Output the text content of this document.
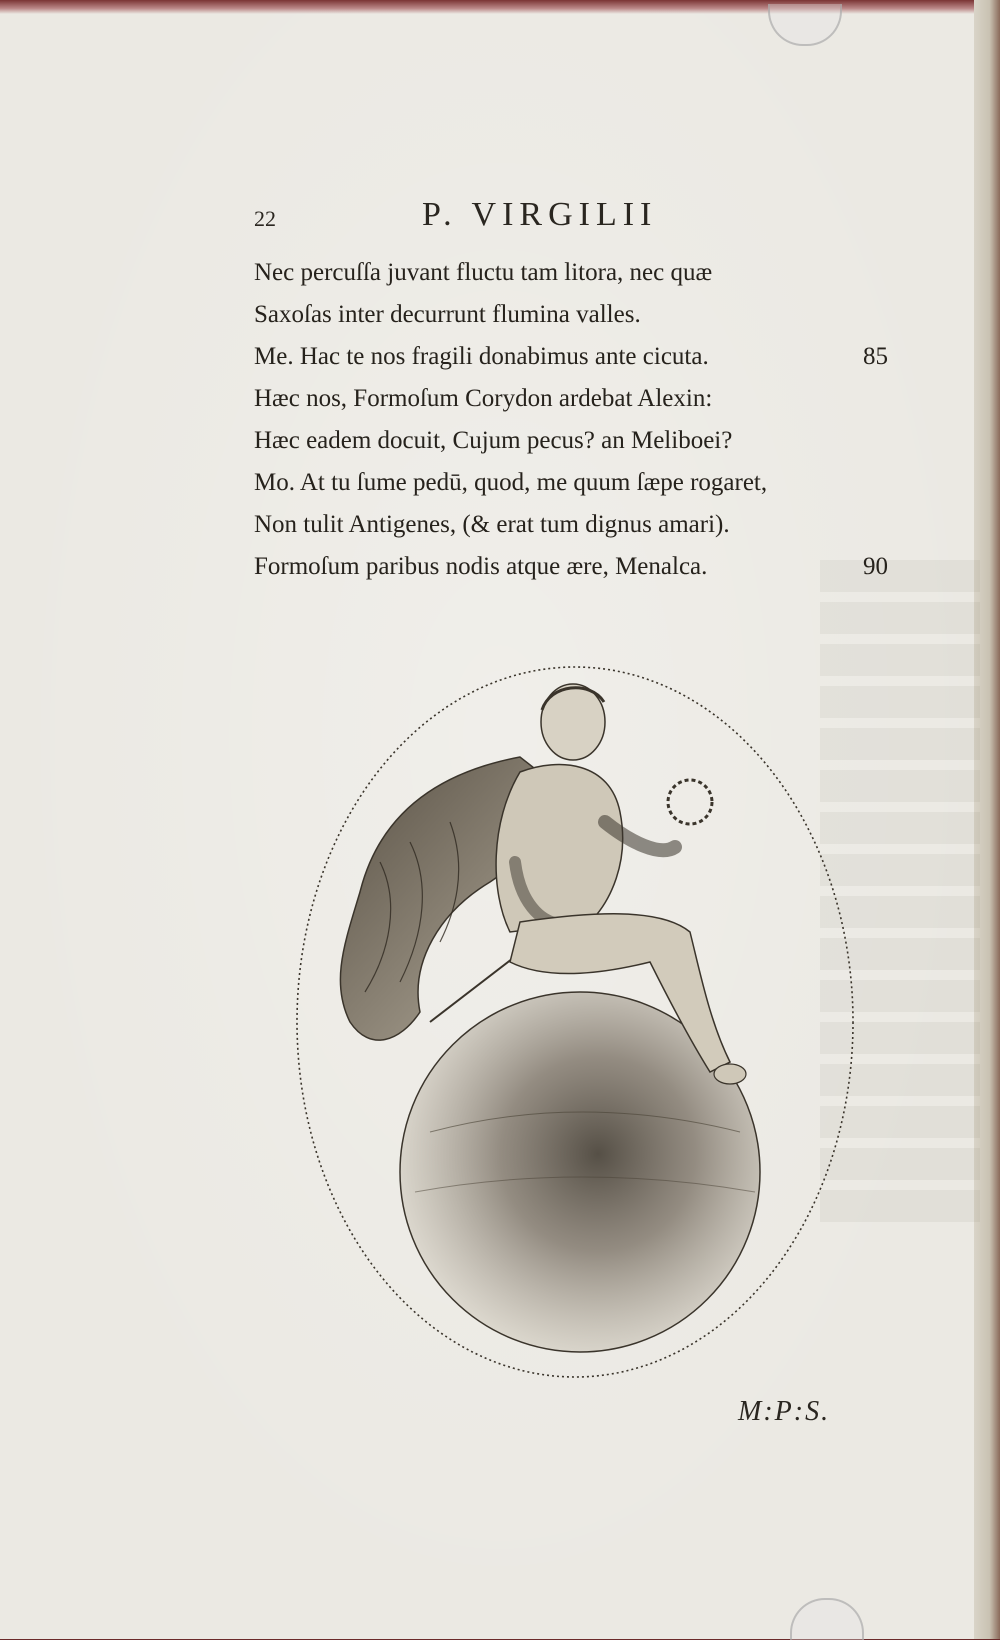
22	P. VIRGILII
Nec percuſſa juvant fluctu tam litora, nec quæ
Saxoſas inter decurrunt flumina valles.
Me. Hac te nos fragili donabimus ante cicuta.	85
Hæc nos, Formoſum Corydon ardebat Alexin:
Hæc eadem docuit, Cujum pecus? an Meliboei?
Mo. At tu ſume pedū, quod, me quum ſæpe rogaret,
Non tulit Antigenes, (& erat tum dignus amari).
Formoſum paribus nodis atque ære, Menalca.	90
M:P:S.
